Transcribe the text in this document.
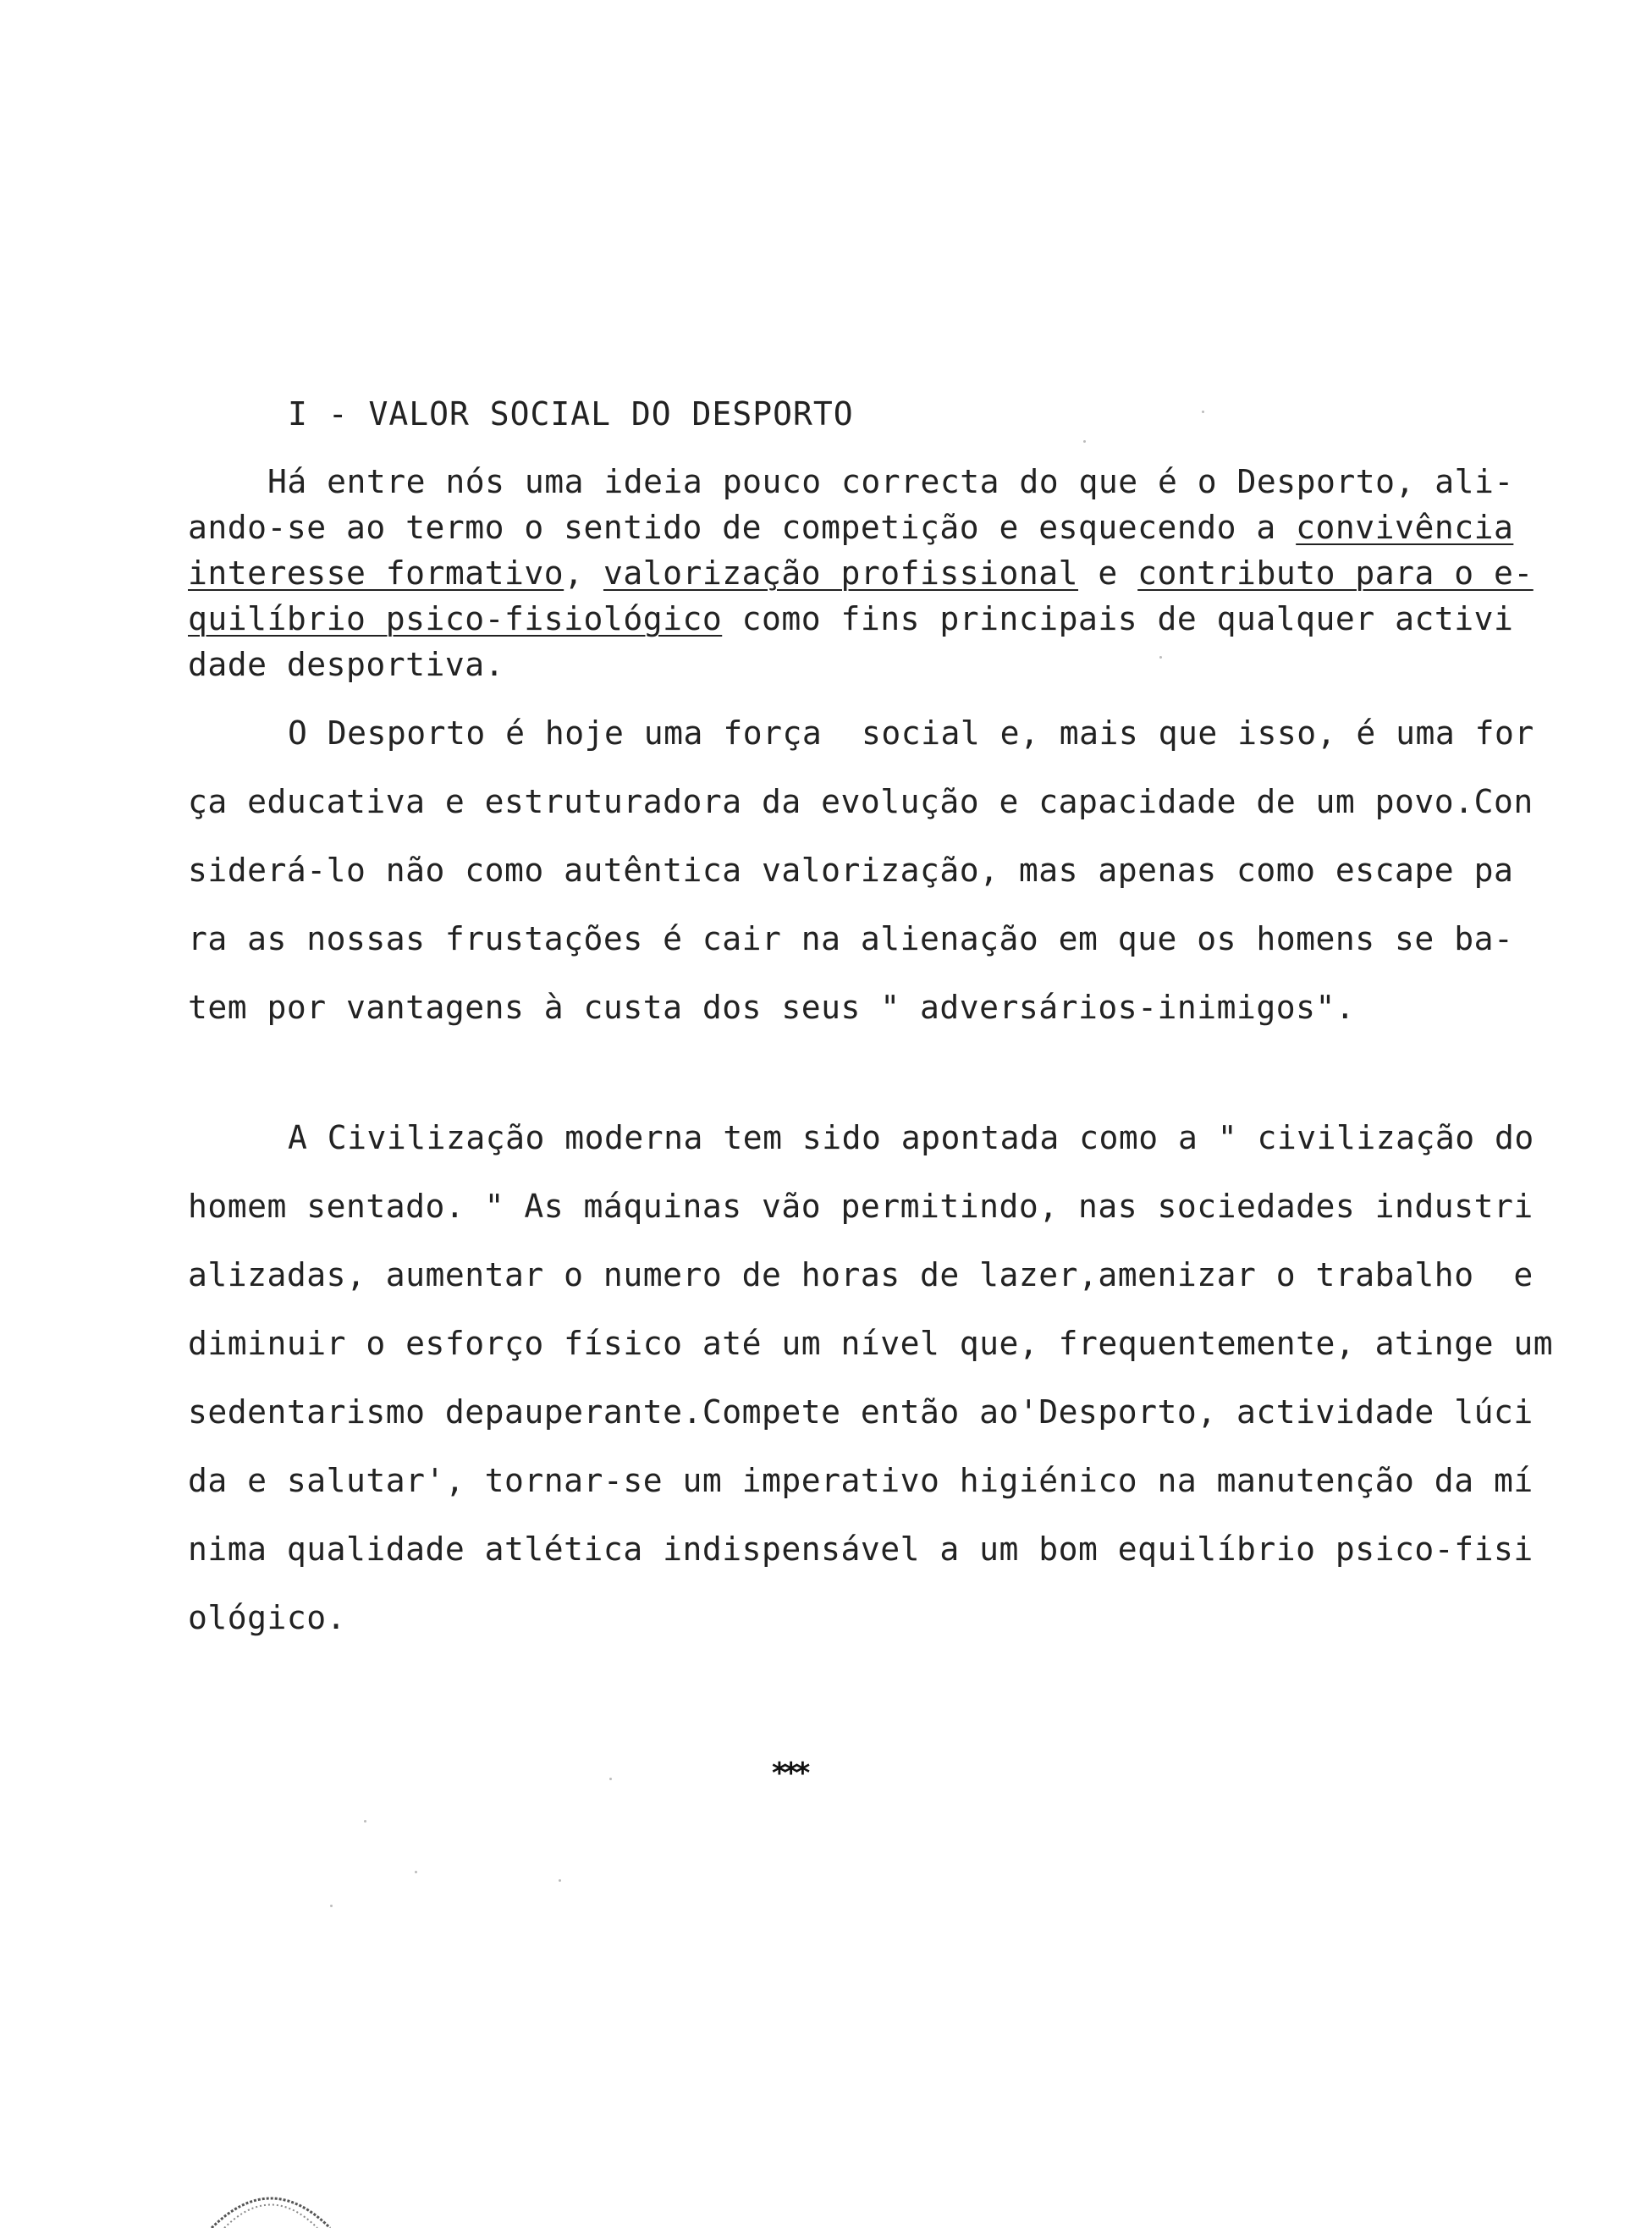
I - VALOR SOCIAL DO DESPORTO
Há entre nós uma ideia pouco correcta do que é o Desporto, ali-
ando-se ao termo o sentido de competição e esquecendo a convivência
interesse formativo, valorização profissional e contributo para o e-
quilíbrio psico-fisiológico como fins principais de qualquer activi
dade desportiva.
O Desporto é hoje uma força  social e, mais que isso, é uma for
ça educativa e estruturadora da evolução e capacidade de um povo.Con
siderá-lo não como autêntica valorização, mas apenas como escape pa
ra as nossas frustações é cair na alienação em que os homens se ba-
tem por vantagens à custa dos seus " adversários-inimigos".
A Civilização moderna tem sido apontada como a " civilização do
homem sentado. " As máquinas vão permitindo, nas sociedades industri
alizadas, aumentar o numero de horas de lazer,amenizar o trabalho  e
diminuir o esforço físico até um nível que, frequentemente, atinge um
sedentarismo depauperante.Compete então ao'Desporto, actividade lúci
da e salutar', tornar-se um imperativo higiénico na manutenção da mí
nima qualidade atlética indispensável a um bom equilíbrio psico-fisi
ológico.
***
